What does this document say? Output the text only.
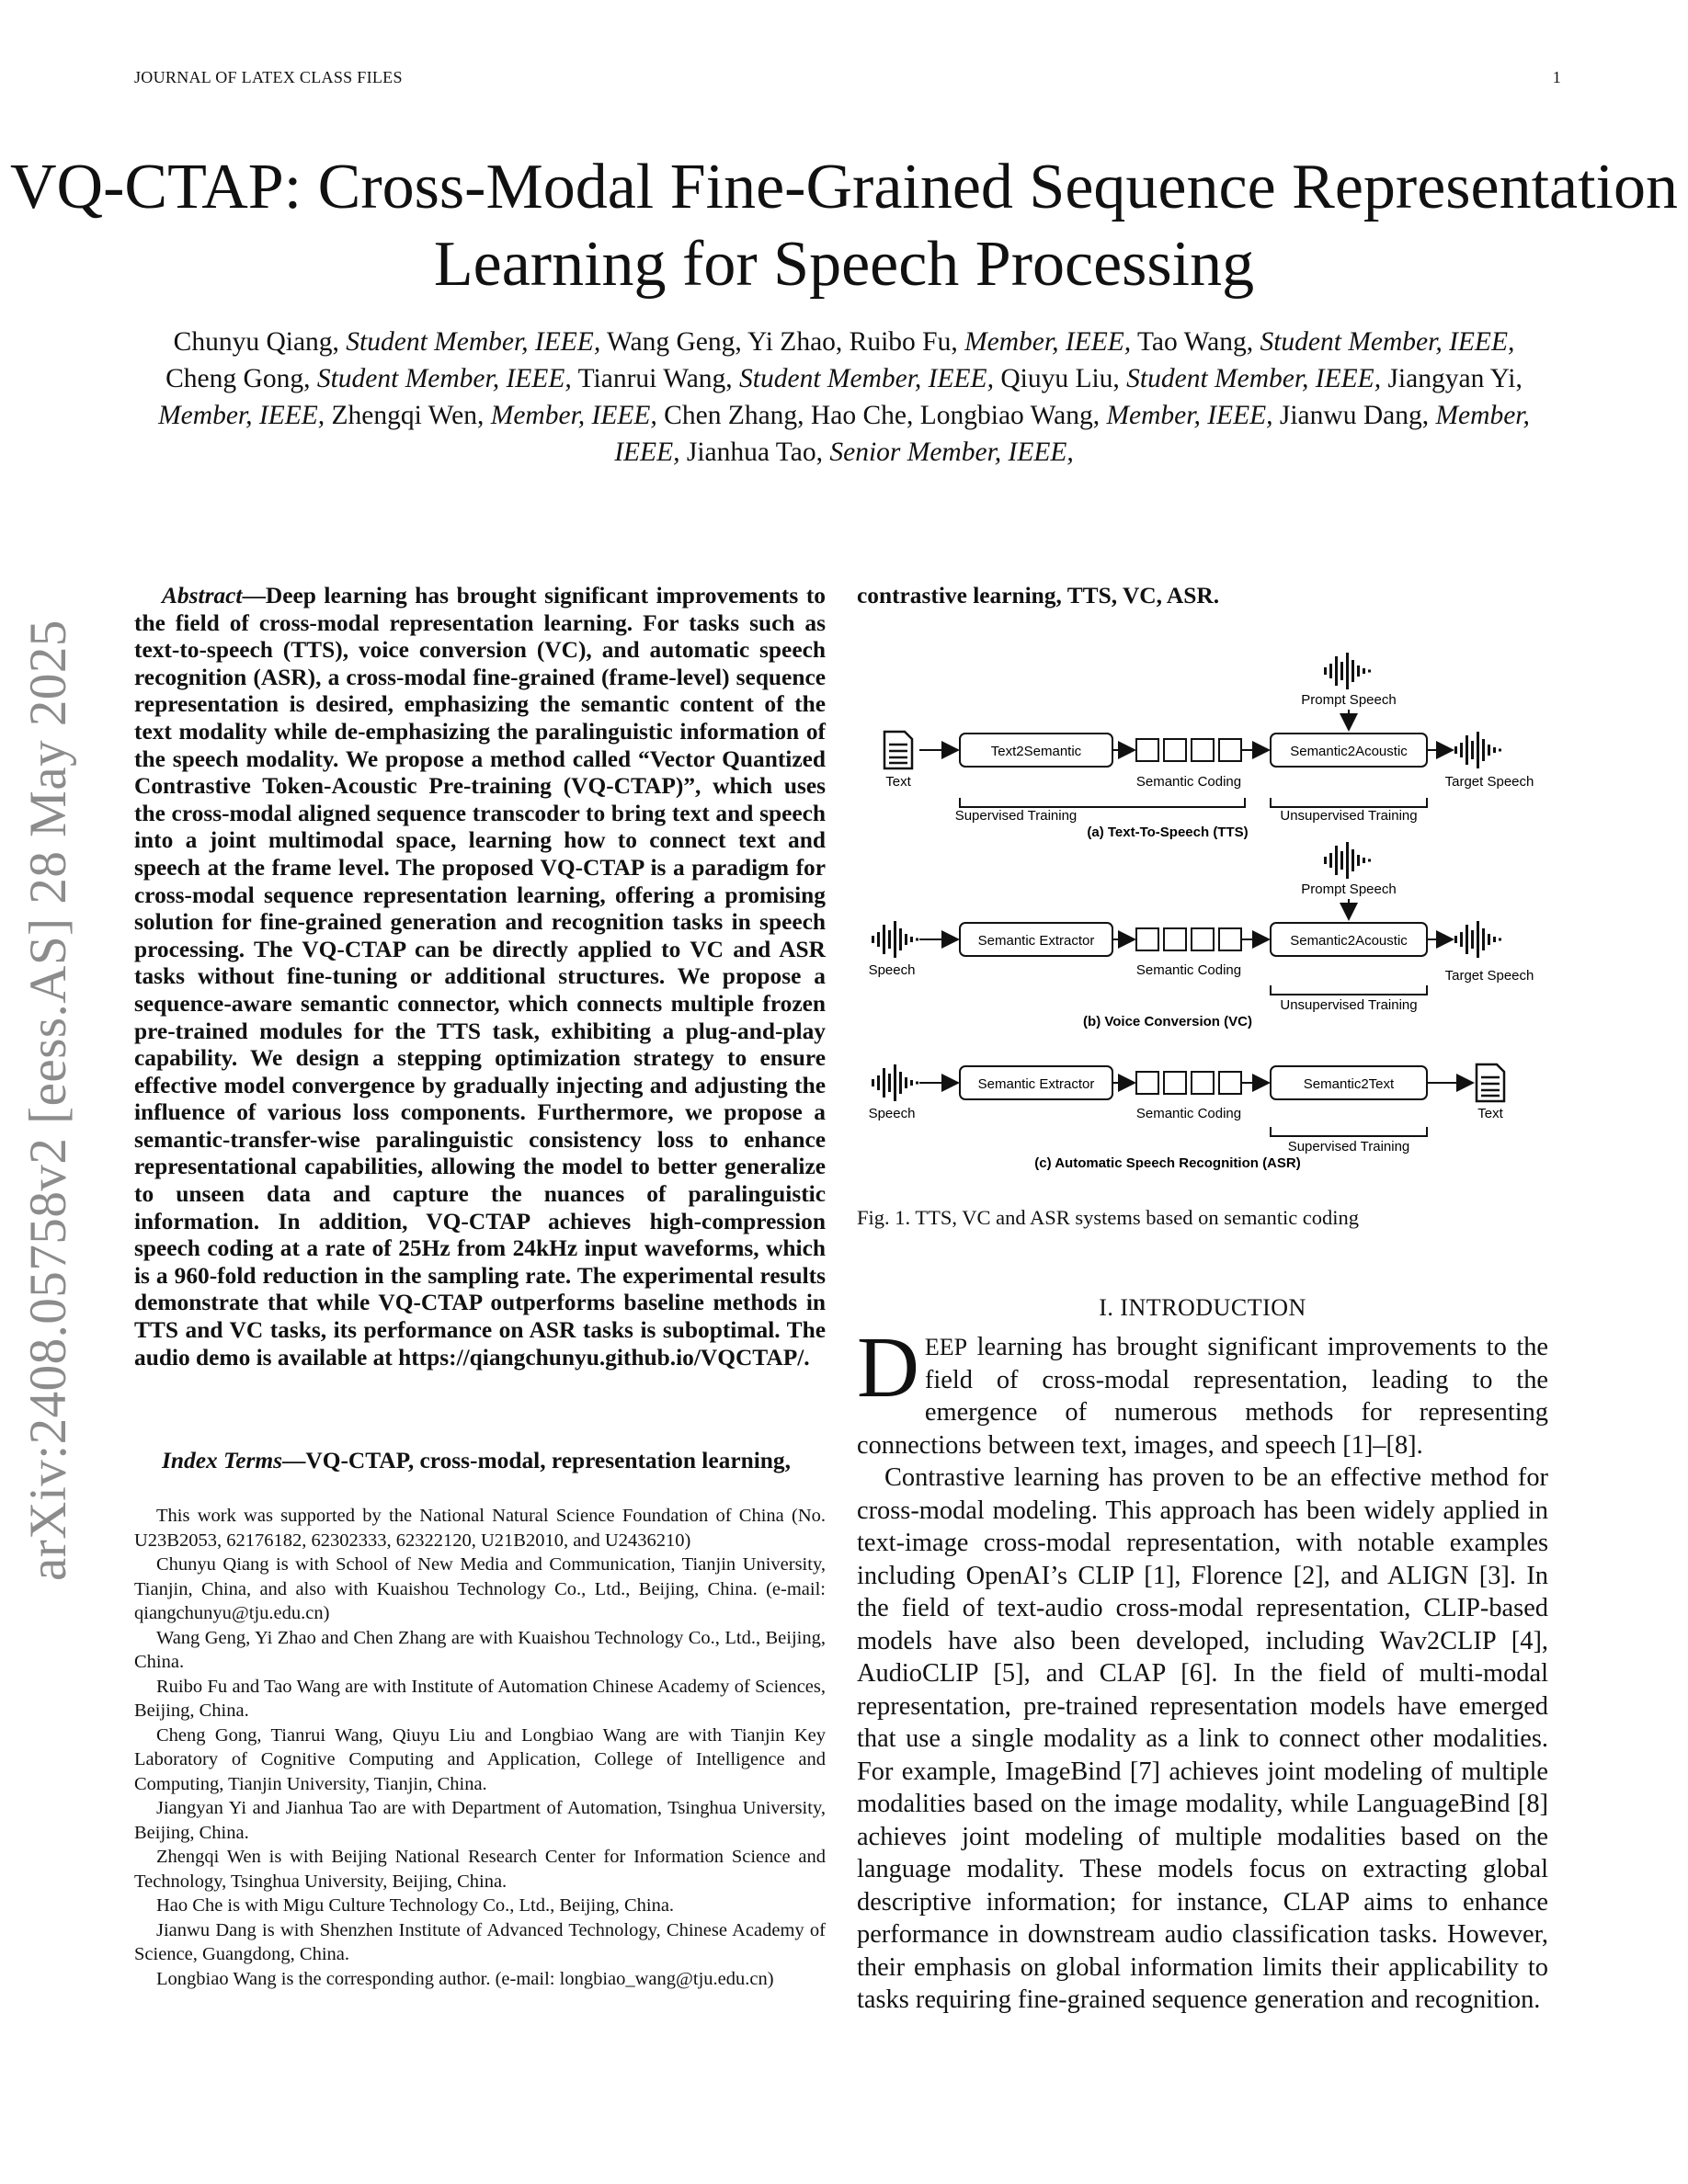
JOURNAL OF LATEX CLASS FILES	1
VQ-CTAP: Cross-Modal Fine-Grained Sequence Representation Learning for Speech Processing
Chunyu Qiang, Student Member, IEEE, Wang Geng, Yi Zhao, Ruibo Fu, Member, IEEE, Tao Wang, Student Member, IEEE, Cheng Gong, Student Member, IEEE, Tianrui Wang, Student Member, IEEE, Qiuyu Liu, Student Member, IEEE, Jiangyan Yi, Member, IEEE, Zhengqi Wen, Member, IEEE, Chen Zhang, Hao Che, Longbiao Wang, Member, IEEE, Jianwu Dang, Member, IEEE, Jianhua Tao, Senior Member, IEEE,
arXiv:2408.05758v2 [eess.AS] 28 May 2025
Abstract—Deep learning has brought significant improvements to the field of cross-modal representation learning. For tasks such as text-to-speech (TTS), voice conversion (VC), and automatic speech recognition (ASR), a cross-modal fine-grained (frame-level) sequence representation is desired, emphasizing the semantic content of the text modality while de-emphasizing the paralinguistic information of the speech modality. We propose a method called “Vector Quantized Contrastive Token-Acoustic Pre-training (VQ-CTAP)”, which uses the cross-modal aligned sequence transcoder to bring text and speech into a joint multimodal space, learning how to connect text and speech at the frame level. The proposed VQ-CTAP is a paradigm for cross-modal sequence representation learning, offering a promising solution for fine-grained generation and recognition tasks in speech processing. The VQ-CTAP can be directly applied to VC and ASR tasks without fine-tuning or additional structures. We propose a sequence-aware semantic connector, which connects multiple frozen pre-trained modules for the TTS task, exhibiting a plug-and-play capability. We design a stepping optimization strategy to ensure effective model convergence by gradually injecting and adjusting the influence of various loss components. Furthermore, we propose a semantic-transfer-wise paralinguistic consistency loss to enhance representational capabilities, allowing the model to better generalize to unseen data and capture the nuances of paralinguistic information. In addition, VQ-CTAP achieves high-compression speech coding at a rate of 25Hz from 24kHz input waveforms, which is a 960-fold reduction in the sampling rate. The experimental results demonstrate that while VQ-CTAP outperforms baseline methods in TTS and VC tasks, its performance on ASR tasks is suboptimal. The audio demo is available at https://qiangchunyu.github.io/VQCTAP/.
Index Terms—VQ-CTAP, cross-modal, representation learning,
contrastive learning, TTS, VC, ASR.

This work was supported by the National Natural Science Foundation of China (No. U23B2053, 62176182, 62302333, 62322120, U21B2010, and U2436210)

Chunyu Qiang is with School of New Media and Communication, Tianjin University, Tianjin, China, and also with Kuaishou Technology Co., Ltd., Beijing, China. (e-mail: qiangchunyu@tju.edu.cn)

Wang Geng, Yi Zhao and Chen Zhang are with Kuaishou Technology Co., Ltd., Beijing, China.

Ruibo Fu and Tao Wang are with Institute of Automation Chinese Academy of Sciences, Beijing, China.

Cheng Gong, Tianrui Wang, Qiuyu Liu and Longbiao Wang are with Tianjin Key Laboratory of Cognitive Computing and Application, College of Intelligence and Computing, Tianjin University, Tianjin, China.

Jiangyan Yi and Jianhua Tao are with Department of Automation, Tsinghua University, Beijing, China.

Zhengqi Wen is with Beijing National Research Center for Information Science and Technology, Tsinghua University, Beijing, China.

Hao Che is with Migu Culture Technology Co., Ltd., Beijing, China.

Jianwu Dang is with Shenzhen Institute of Advanced Technology, Chinese Academy of Science, Guangdong, China.

Longbiao Wang is the corresponding author. (e-mail: longbiao_wang@tju.edu.cn)

Prompt Speech
Text
Text2Semantic
Semantic Coding
Semantic2Acoustic
Target Speech
Supervised Training	Unsupervised Training
(a) Text-To-Speech (TTS)
Prompt Speech
Speech
Semantic Extractor
Semantic Coding
Semantic2Acoustic
Target Speech
Unsupervised Training
(b) Voice Conversion (VC)
Speech
Semantic Extractor
Semantic Coding
Semantic2Text
Text
Supervised Training
(c) Automatic Speech Recognition (ASR)
Fig. 1. TTS, VC and ASR systems based on semantic coding
I. INTRODUCTION

DEEP learning has brought significant improvements to the field of cross-modal representation, leading to the emergence of numerous methods for representing connections between text, images, and speech [1]–[8].

Contrastive learning has proven to be an effective method for cross-modal modeling. This approach has been widely applied in text-image cross-modal representation, with notable examples including OpenAI’s CLIP [1], Florence [2], and ALIGN [3]. In the field of text-audio cross-modal representation, CLIP-based models have also been developed, including Wav2CLIP [4], AudioCLIP [5], and CLAP [6]. In the field of multi-modal representation, pre-trained representation models have emerged that use a single modality as a link to connect other modalities. For example, ImageBind [7] achieves joint modeling of multiple modalities based on the image modality, while LanguageBind [8] achieves joint modeling of multiple modalities based on the language modality. These models focus on extracting global descriptive information; for instance, CLAP aims to enhance performance in downstream audio classification tasks. However, their emphasis on global information limits their applicability to tasks requiring fine-grained sequence generation and recognition.
